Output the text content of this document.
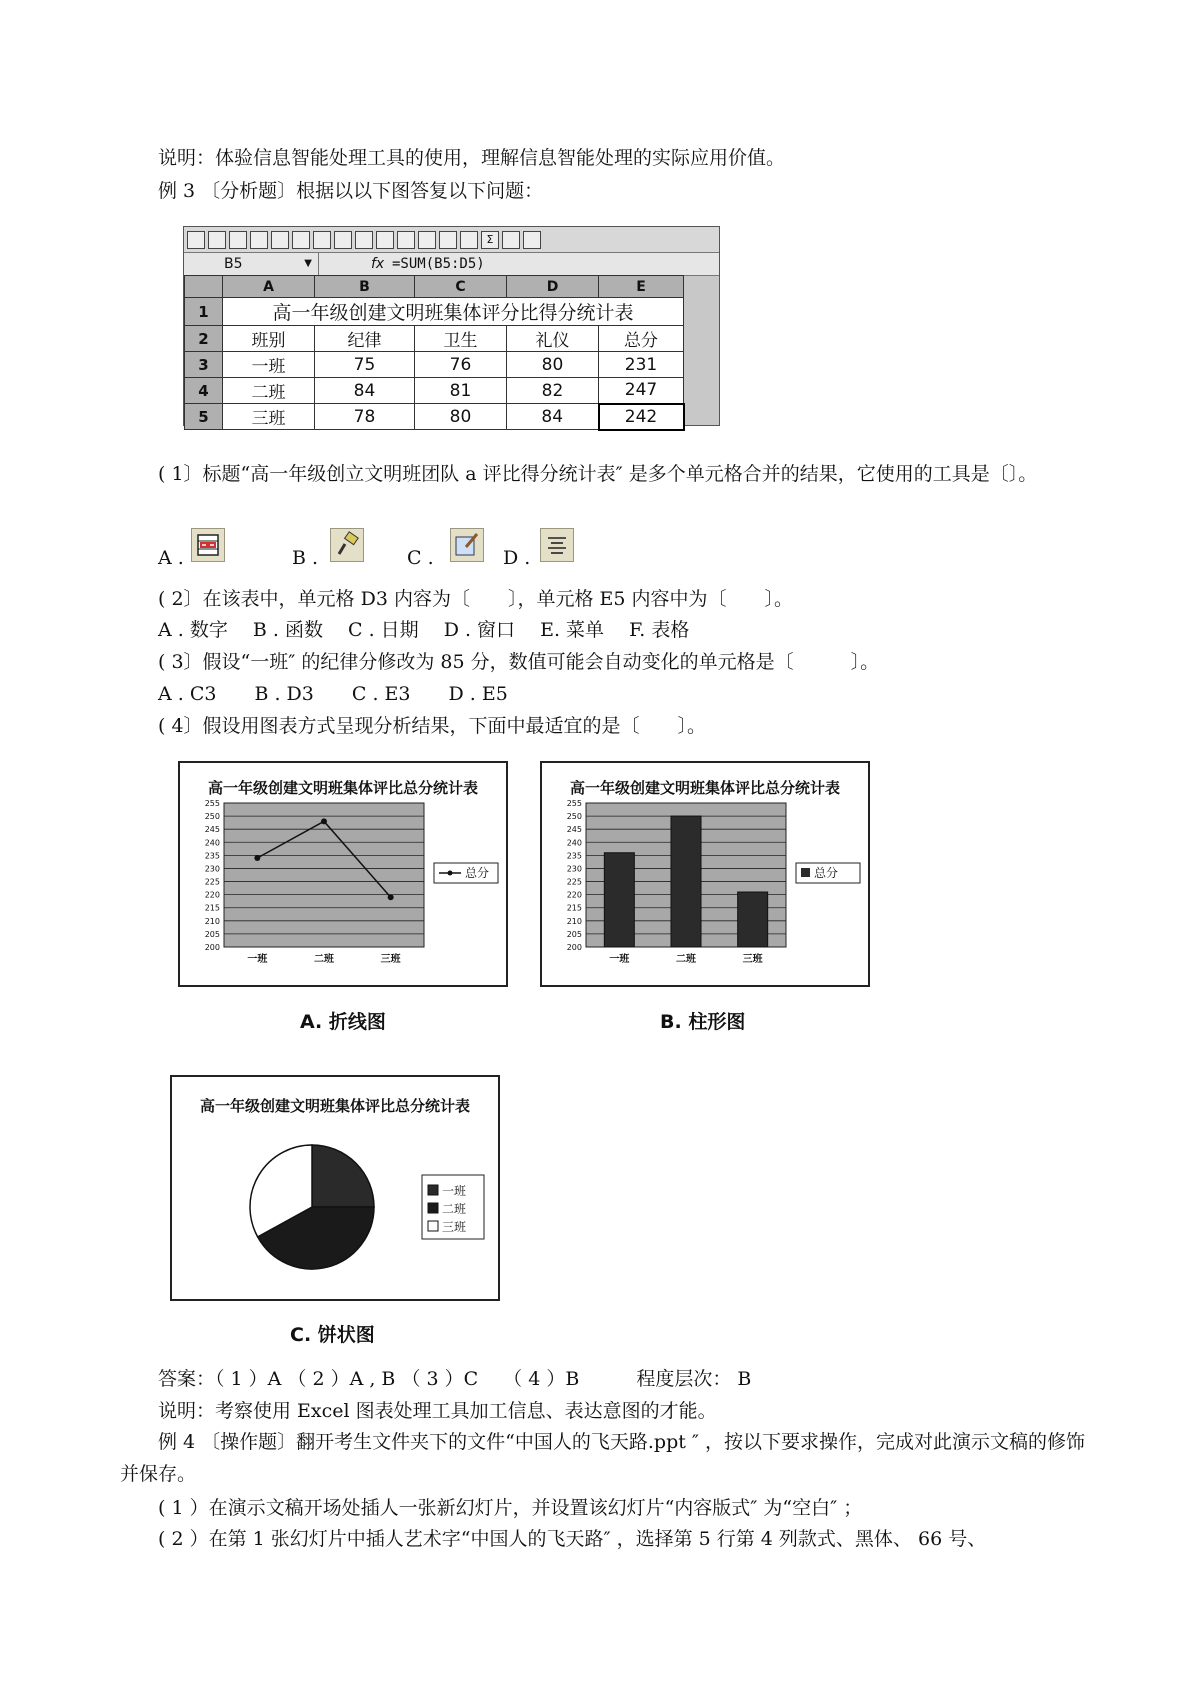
说明：体验信息智能处理工具的使用，理解信息智能处理的实际应用价值。
例 3 〔分析题〕根据以以下图答复以下问题：
Σ
B5	▼	fx =SUM(B5:D5)
	A	B	C	D	E
1	高一年级创建文明班集体评分比得分统计表				
2	班别	纪律	卫生	礼仪	总分
3	一班	75	76	80	231
4	二班	84	81	82	247
5	三班	78	80	84	242
( 1〕标题“高一年级创立文明班团队 a 评比得分统计表″ 是多个单元格合并的结果，它使用的工具是〔〕。
A .	B .	C .	D .
( 2〕在该表中，单元格 D3 内容为〔　　〕，单元格 E5 内容中为〔　　〕。
A . 数字　 B . 函数　 C . 日期　 D . 窗口　 E. 菜单　 F. 表格
( 3〕假设“一班″ 的纪律分修改为 85 分，数值可能会自动变化的单元格是〔　　　〕。
A . C3　　B . D3　　C . E3　　D . E5
( 4〕假设用图表方式呈现分析结果，下面中最适宜的是〔　　〕。
高一年级创建文明班集体评比总分统计表
200
205
210
215
220
225
230
235
240
245
250
255
一班	二班	三班
总分
A. 折线图
高一年级创建文明班集体评比总分统计表
200
205
210
215
220
225
230
235
240
245
250
255
一班	二班	三班
总分
B. 柱形图
高一年级创建文明班集体评比总分统计表
一班
二班
三班
C. 饼状图
答案：（ 1 ）A （ 2 ）A , B （ 3 ）C　 （ 4 ）B　　　程度层次： B
说明：考察使用 Excel 图表处理工具加工信息、表达意图的才能。
例 4 〔操作题〕翻开考生文件夹下的文件“中国人的飞天路.ppt ″ ，按以下要求操作，完成对此演示文稿的修饰并保存。
( 1 ）在演示文稿开场处插人一张新幻灯片，并设置该幻灯片“内容版式″ 为“空白″ ；
( 2 ）在第 1 张幻灯片中插人艺术字“中国人的飞天路″ ，选择第 5 行第 4 列款式、黑体、 66 号、
